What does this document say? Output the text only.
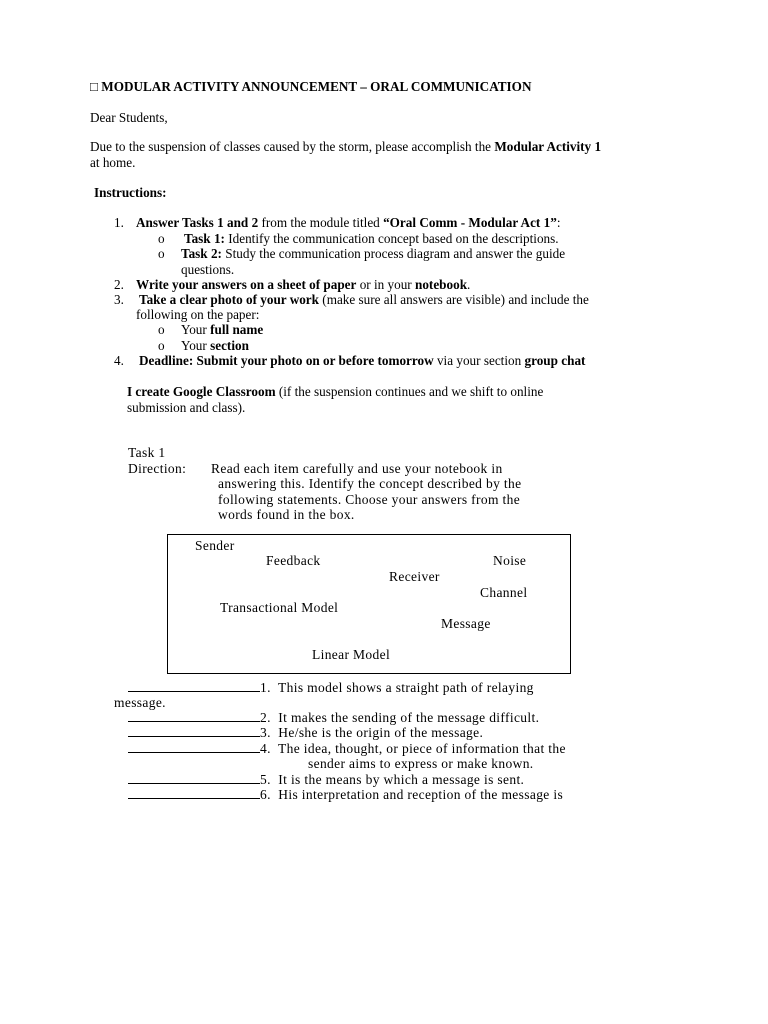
□ MODULAR ACTIVITY ANNOUNCEMENT – ORAL COMMUNICATION
Dear Students,
Due to the suspension of classes caused by the storm, please accomplish the Modular Activity 1
at home.
Instructions:
1. Answer Tasks 1 and 2 from the module titled “Oral Comm - Modular Act 1”:
o Task 1: Identify the communication concept based on the descriptions.
o Task 2: Study the communication process diagram and answer the guide
questions.
2. Write your answers on a sheet of paper or in your notebook.
3. Take a clear photo of your work (make sure all answers are visible) and include the
following on the paper:
o Your full name
o Your section
4. Deadline: Submit your photo on or before tomorrow via your section group chat
I create Google Classroom (if the suspension continues and we shift to online
submission and class).
Task 1
Direction: Read each item carefully and use your notebook in
answering this. Identify the concept described by the
following statements. Choose your answers from the
words found in the box.
Sender
Feedback	Noise
Receiver
Channel
Transactional Model
Message
Linear Model
1. This model shows a straight path of relaying
message.
2. It makes the sending of the message difficult.
3. He/she is the origin of the message.
4. The idea, thought, or piece of information that the
sender aims to express or make known.
5. It is the means by which a message is sent.
6. His interpretation and reception of the message is
